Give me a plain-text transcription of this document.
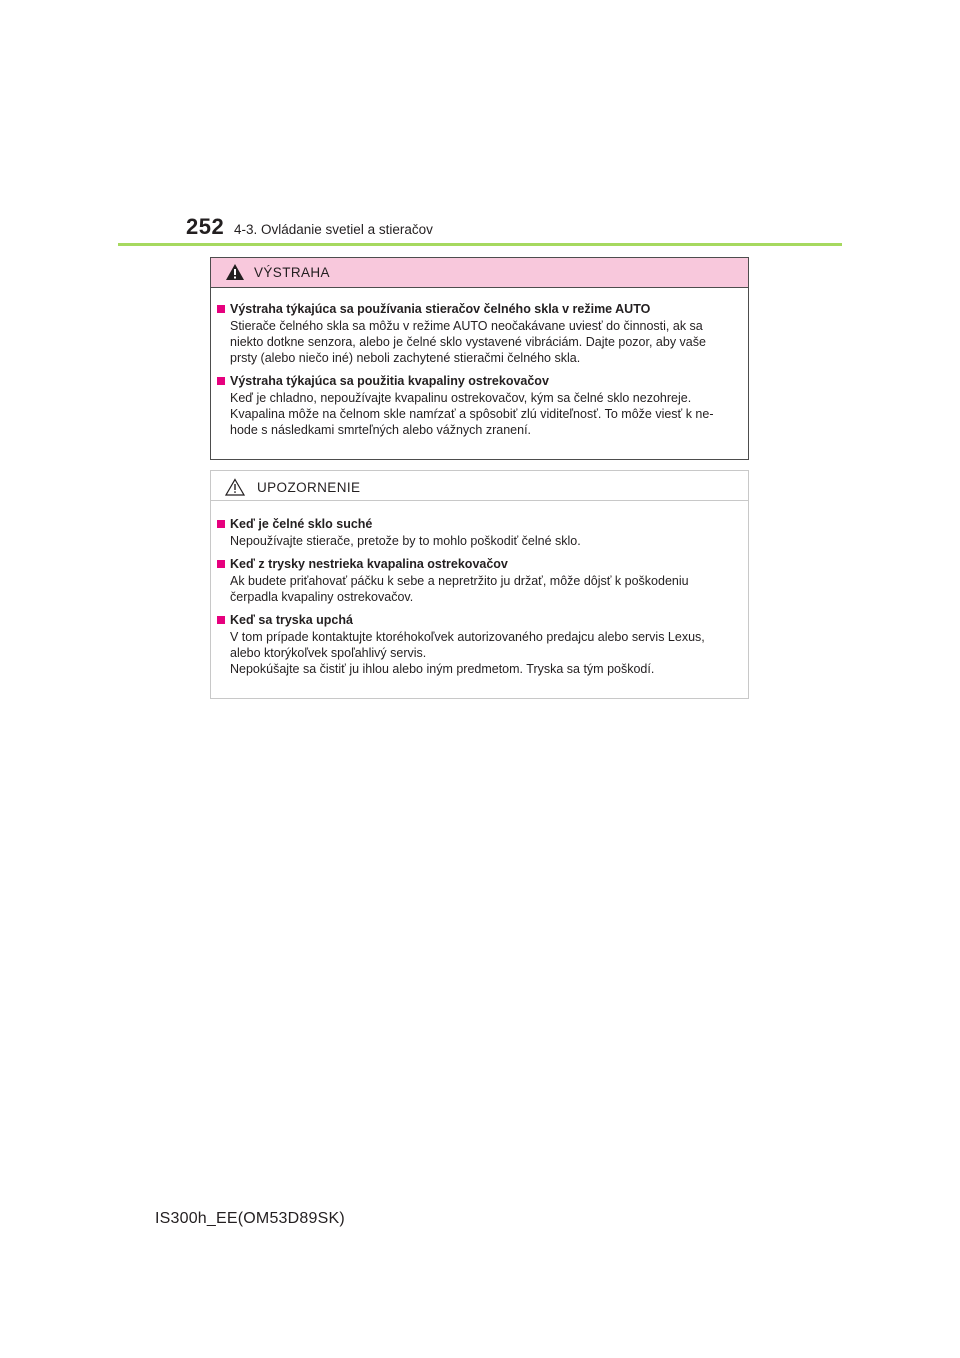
252 4-3. Ovládanie svetiel a stieračov
VÝSTRAHA
Výstraha týkajúca sa používania stieračov čelného skla v režime AUTO
Stierače čelného skla sa môžu v režime AUTO neočakávane uviesť do činnosti, ak sa
niekto dotkne senzora, alebo je čelné sklo vystavené vibráciám. Dajte pozor, aby vaše
prsty (alebo niečo iné) neboli zachytené stieračmi čelného skla.
Výstraha týkajúca sa použitia kvapaliny ostrekovačov
Keď je chladno, nepoužívajte kvapalinu ostrekovačov, kým sa čelné sklo nezohreje.
Kvapalina môže na čelnom skle namŕzať a spôsobiť zlú viditeľnosť. To môže viesť k ne-
hode s následkami smrteľných alebo vážnych zranení.
UPOZORNENIE
Keď je čelné sklo suché
Nepoužívajte stierače, pretože by to mohlo poškodiť čelné sklo.
Keď z trysky nestrieka kvapalina ostrekovačov
Ak budete priťahovať páčku k sebe a nepretržito ju držať, môže dôjsť k poškodeniu
čerpadla kvapaliny ostrekovačov.
Keď sa tryska upchá
V tom prípade kontaktujte ktoréhokoľvek autorizovaného predajcu alebo servis Lexus,
alebo ktorýkoľvek spoľahlivý servis.
Nepokúšajte sa čistiť ju ihlou alebo iným predmetom. Tryska sa tým poškodí.
IS300h_EE(OM53D89SK)
